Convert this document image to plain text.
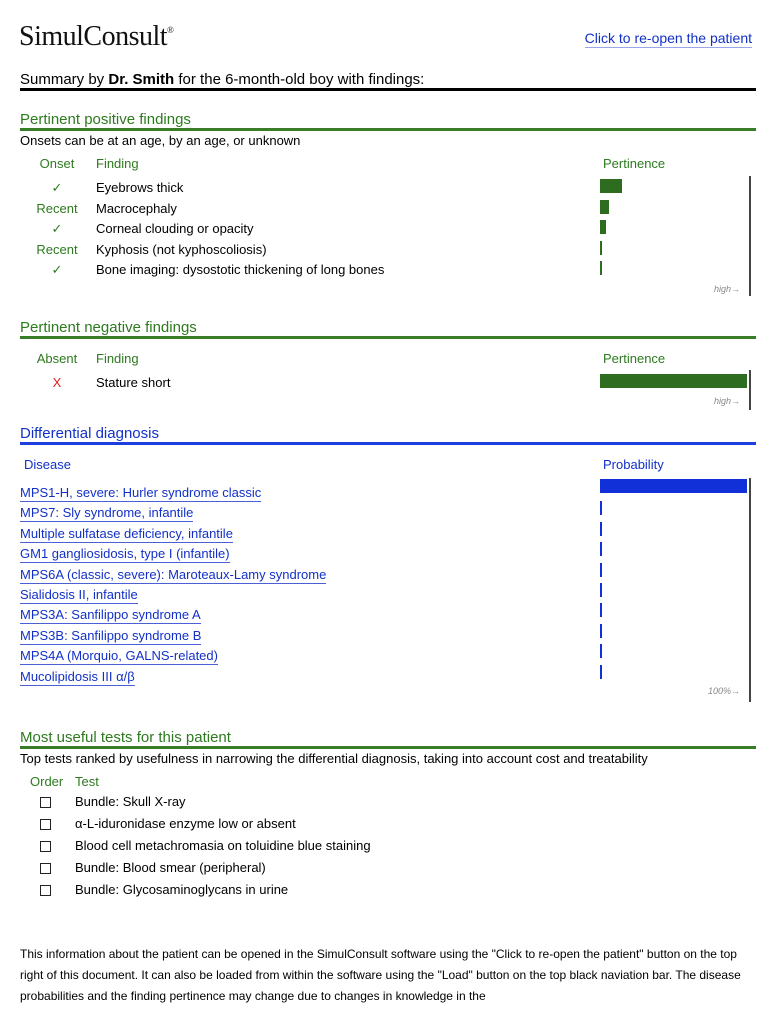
SimulConsult®	Click to re-open the patient
Summary by Dr. Smith for the 6-month-old boy with findings:
Pertinent positive findings
Onsets can be at an age, by an age, or unknown
Onset	Finding	Pertinence
✓	Eyebrows thick
Recent	Macrocephaly
✓	Corneal clouding or opacity
Recent	Kyphosis (not kyphoscoliosis)
✓	Bone imaging: dysostotic thickening of long bones
high→
Pertinent negative findings
Absent	Finding	Pertinence
X	Stature short
high→
Differential diagnosis
Disease	Probability
MPS1-H, severe: Hurler syndrome classic
MPS7: Sly syndrome, infantile
Multiple sulfatase deficiency, infantile
GM1 gangliosidosis, type I (infantile)
MPS6A (classic, severe): Maroteaux-Lamy syndrome
Sialidosis II, infantile
MPS3A: Sanfilippo syndrome A
MPS3B: Sanfilippo syndrome B
MPS4A (Morquio, GALNS-related)
Mucolipidosis III α/β
100%→
Most useful tests for this patient
Top tests ranked by usefulness in narrowing the differential diagnosis, taking into account cost and treatability
Order Test
Bundle: Skull X-ray
α-L-iduronidase enzyme low or absent
Blood cell metachromasia on toluidine blue staining
Bundle: Blood smear (peripheral)
Bundle: Glycosaminoglycans in urine
This information about the patient can be opened in the SimulConsult software using the "Click to re-open the patient" button on the top right of this document. It can also be loaded from within the software using the "Load" button on the top black naviation bar. The disease probabilities and the finding pertinence may change due to changes in knowledge in the
